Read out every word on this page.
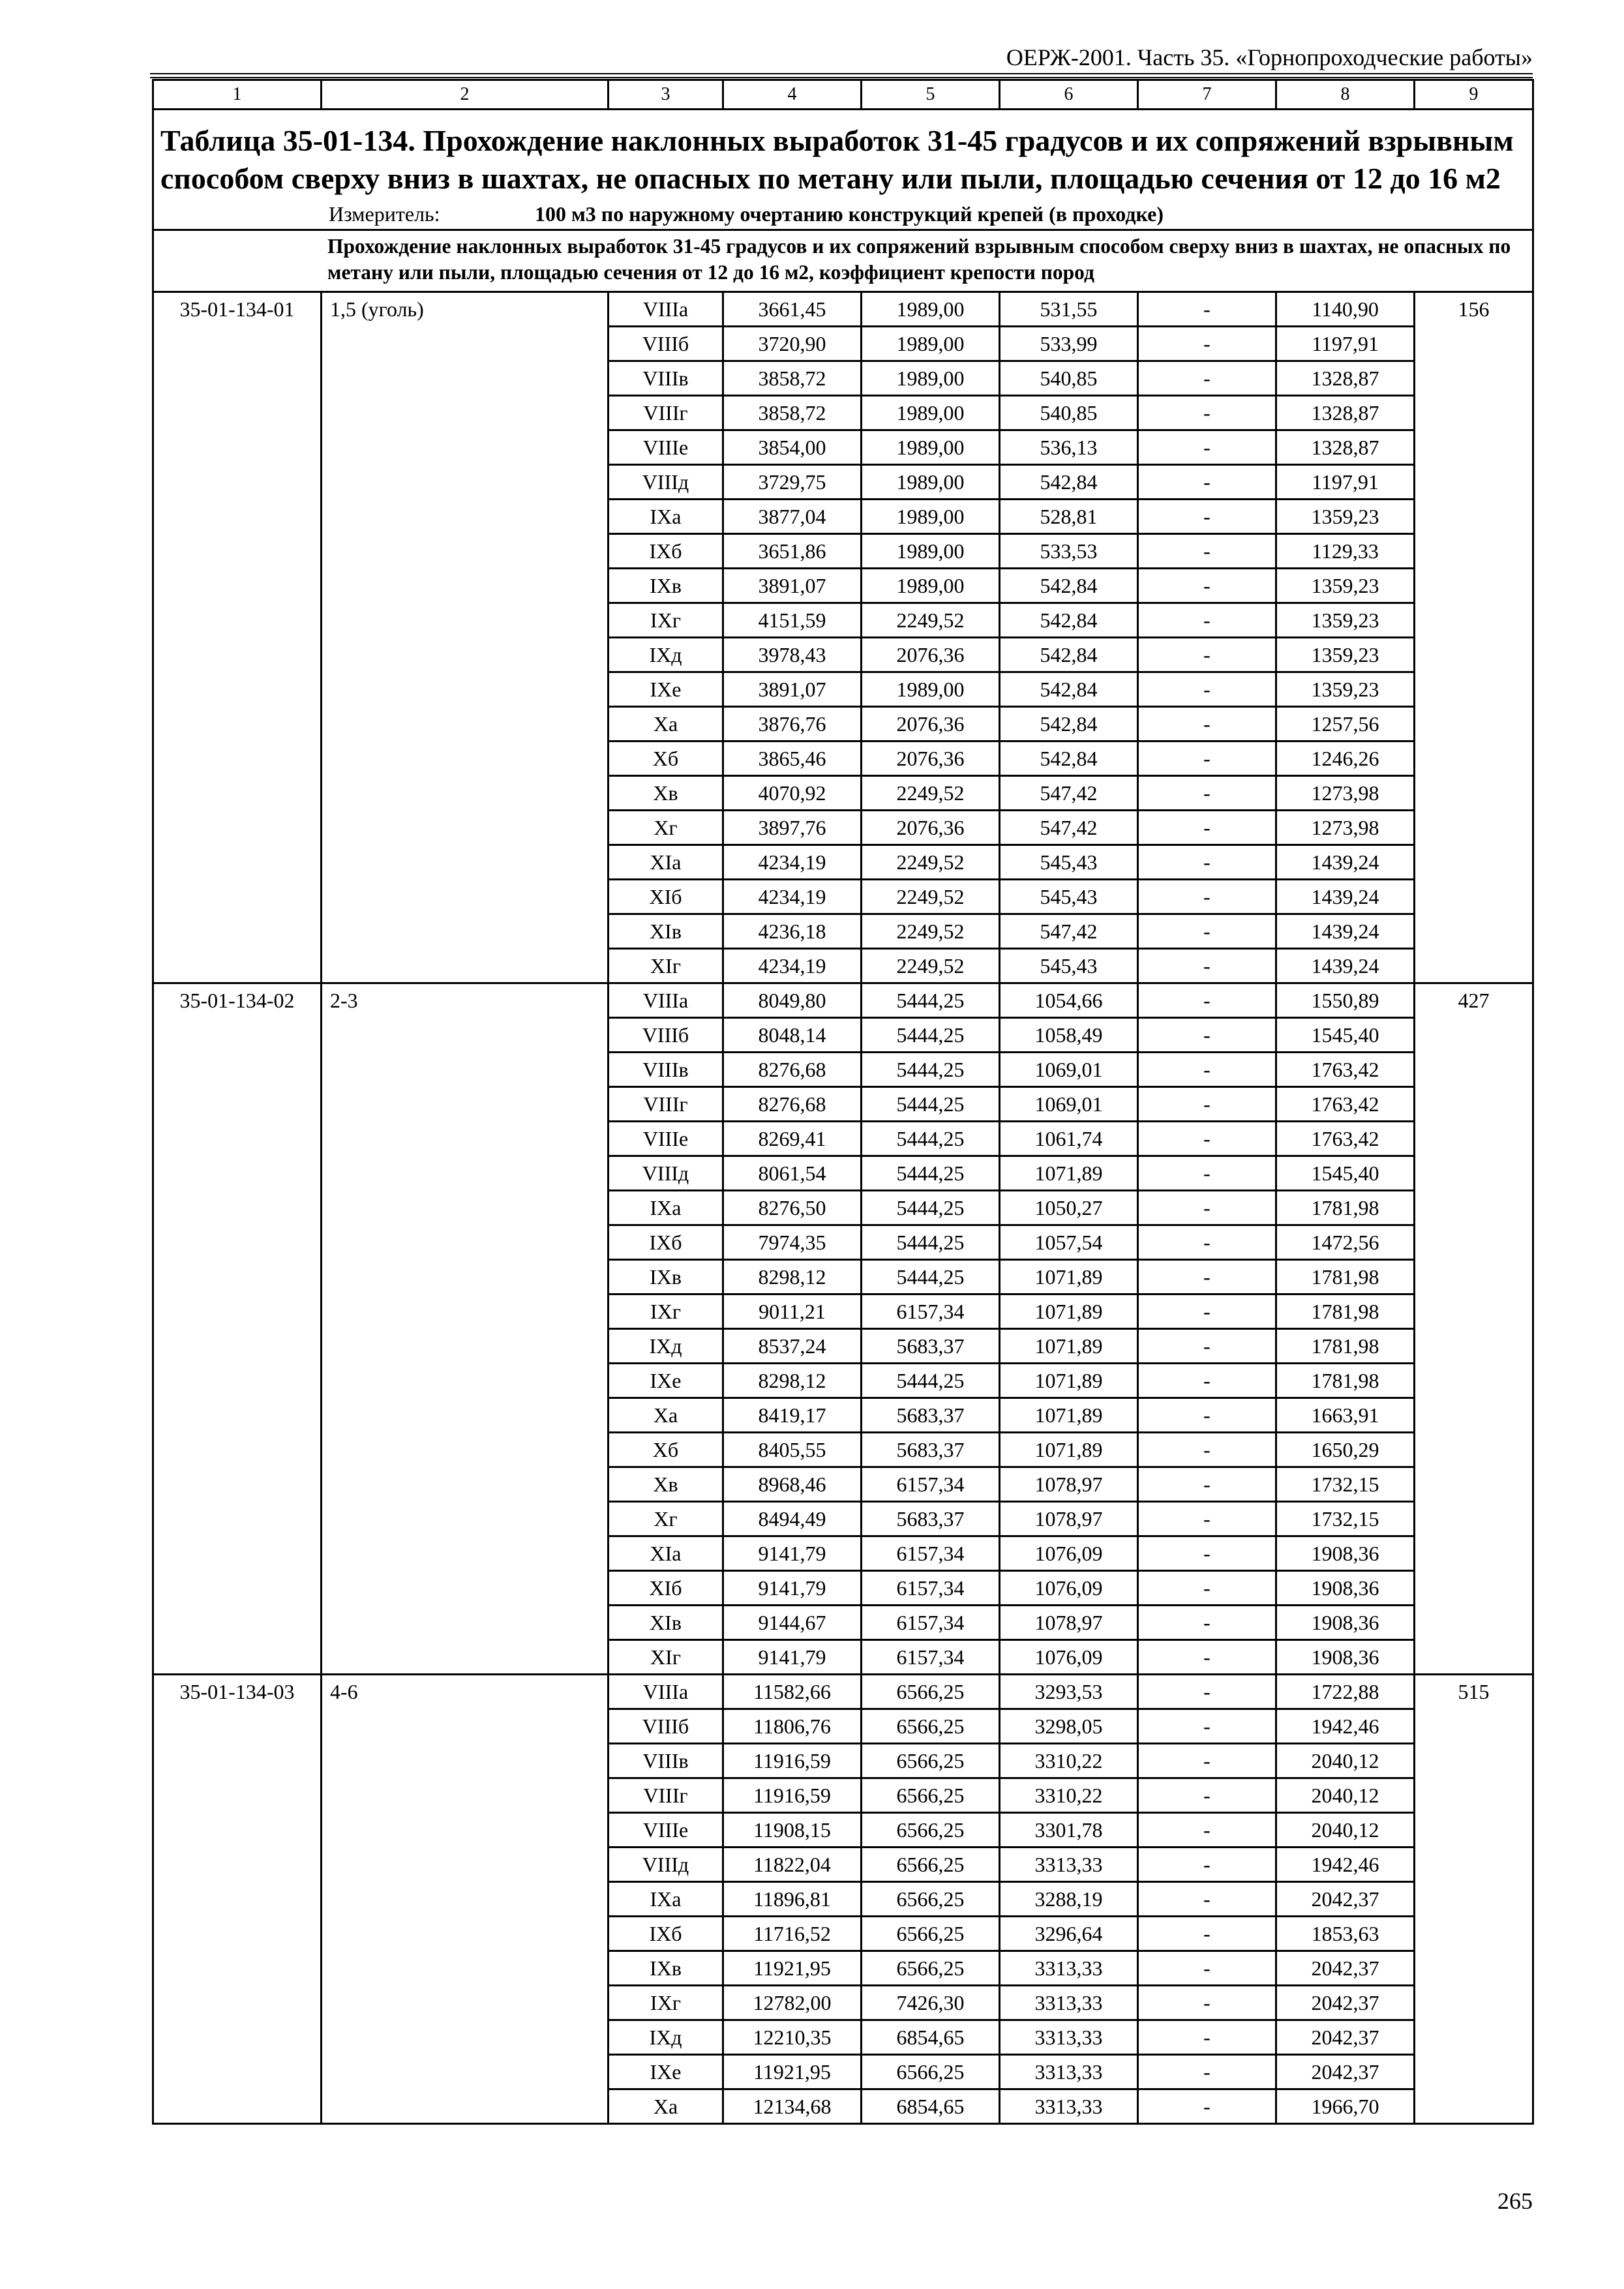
ОЕРЖ-2001. Часть 35. «Горнопроходческие работы»
1	2	3	4	5	6	7	8	9
Таблица 35-01-134. Прохождение наклонных выработок 31-45 градусов и их сопряжений взрывным способом сверху вниз в шахтах, не опасных по метану или пыли, площадью сечения от 12 до 16 м2								
Измеритель: 100 м3 по наружному очертанию конструкций крепей (в проходке)								
Прохождение наклонных выработок 31-45 градусов и их сопряжений взрывным способом сверху вниз в шахтах, не опасных по метану или пыли, площадью сечения от 12 до 16 м2, коэффициент крепости пород								
35-01-134-01	1,5 (уголь)	VIIIа	3661,45	1989,00	531,55	-	1140,90	156
		VIIIб	3720,90	1989,00	533,99	-	1197,91	
		VIIIв	3858,72	1989,00	540,85	-	1328,87	
		VIIIг	3858,72	1989,00	540,85	-	1328,87	
		VIIIе	3854,00	1989,00	536,13	-	1328,87	
		VIIIд	3729,75	1989,00	542,84	-	1197,91	
		IXа	3877,04	1989,00	528,81	-	1359,23	
		IXб	3651,86	1989,00	533,53	-	1129,33	
		IXв	3891,07	1989,00	542,84	-	1359,23	
		IXг	4151,59	2249,52	542,84	-	1359,23	
		IXд	3978,43	2076,36	542,84	-	1359,23	
		IXе	3891,07	1989,00	542,84	-	1359,23	
		Xа	3876,76	2076,36	542,84	-	1257,56	
		Xб	3865,46	2076,36	542,84	-	1246,26	
		Xв	4070,92	2249,52	547,42	-	1273,98	
		Xг	3897,76	2076,36	547,42	-	1273,98	
		XIа	4234,19	2249,52	545,43	-	1439,24	
		XIб	4234,19	2249,52	545,43	-	1439,24	
		XIв	4236,18	2249,52	547,42	-	1439,24	
		XIг	4234,19	2249,52	545,43	-	1439,24	
35-01-134-02	2-3	VIIIа	8049,80	5444,25	1054,66	-	1550,89	427
		VIIIб	8048,14	5444,25	1058,49	-	1545,40	
		VIIIв	8276,68	5444,25	1069,01	-	1763,42	
		VIIIг	8276,68	5444,25	1069,01	-	1763,42	
		VIIIе	8269,41	5444,25	1061,74	-	1763,42	
		VIIIд	8061,54	5444,25	1071,89	-	1545,40	
		IXа	8276,50	5444,25	1050,27	-	1781,98	
		IXб	7974,35	5444,25	1057,54	-	1472,56	
		IXв	8298,12	5444,25	1071,89	-	1781,98	
		IXг	9011,21	6157,34	1071,89	-	1781,98	
		IXд	8537,24	5683,37	1071,89	-	1781,98	
		IXе	8298,12	5444,25	1071,89	-	1781,98	
		Xа	8419,17	5683,37	1071,89	-	1663,91	
		Xб	8405,55	5683,37	1071,89	-	1650,29	
		Xв	8968,46	6157,34	1078,97	-	1732,15	
		Xг	8494,49	5683,37	1078,97	-	1732,15	
		XIа	9141,79	6157,34	1076,09	-	1908,36	
		XIб	9141,79	6157,34	1076,09	-	1908,36	
		XIв	9144,67	6157,34	1078,97	-	1908,36	
		XIг	9141,79	6157,34	1076,09	-	1908,36	
35-01-134-03	4-6	VIIIа	11582,66	6566,25	3293,53	-	1722,88	515
		VIIIб	11806,76	6566,25	3298,05	-	1942,46	
		VIIIв	11916,59	6566,25	3310,22	-	2040,12	
		VIIIг	11916,59	6566,25	3310,22	-	2040,12	
		VIIIе	11908,15	6566,25	3301,78	-	2040,12	
		VIIIд	11822,04	6566,25	3313,33	-	1942,46	
		IXа	11896,81	6566,25	3288,19	-	2042,37	
		IXб	11716,52	6566,25	3296,64	-	1853,63	
		IXв	11921,95	6566,25	3313,33	-	2042,37	
		IXг	12782,00	7426,30	3313,33	-	2042,37	
		IXд	12210,35	6854,65	3313,33	-	2042,37	
		IXе	11921,95	6566,25	3313,33	-	2042,37	
		Xа	12134,68	6854,65	3313,33	-	1966,70	
265
